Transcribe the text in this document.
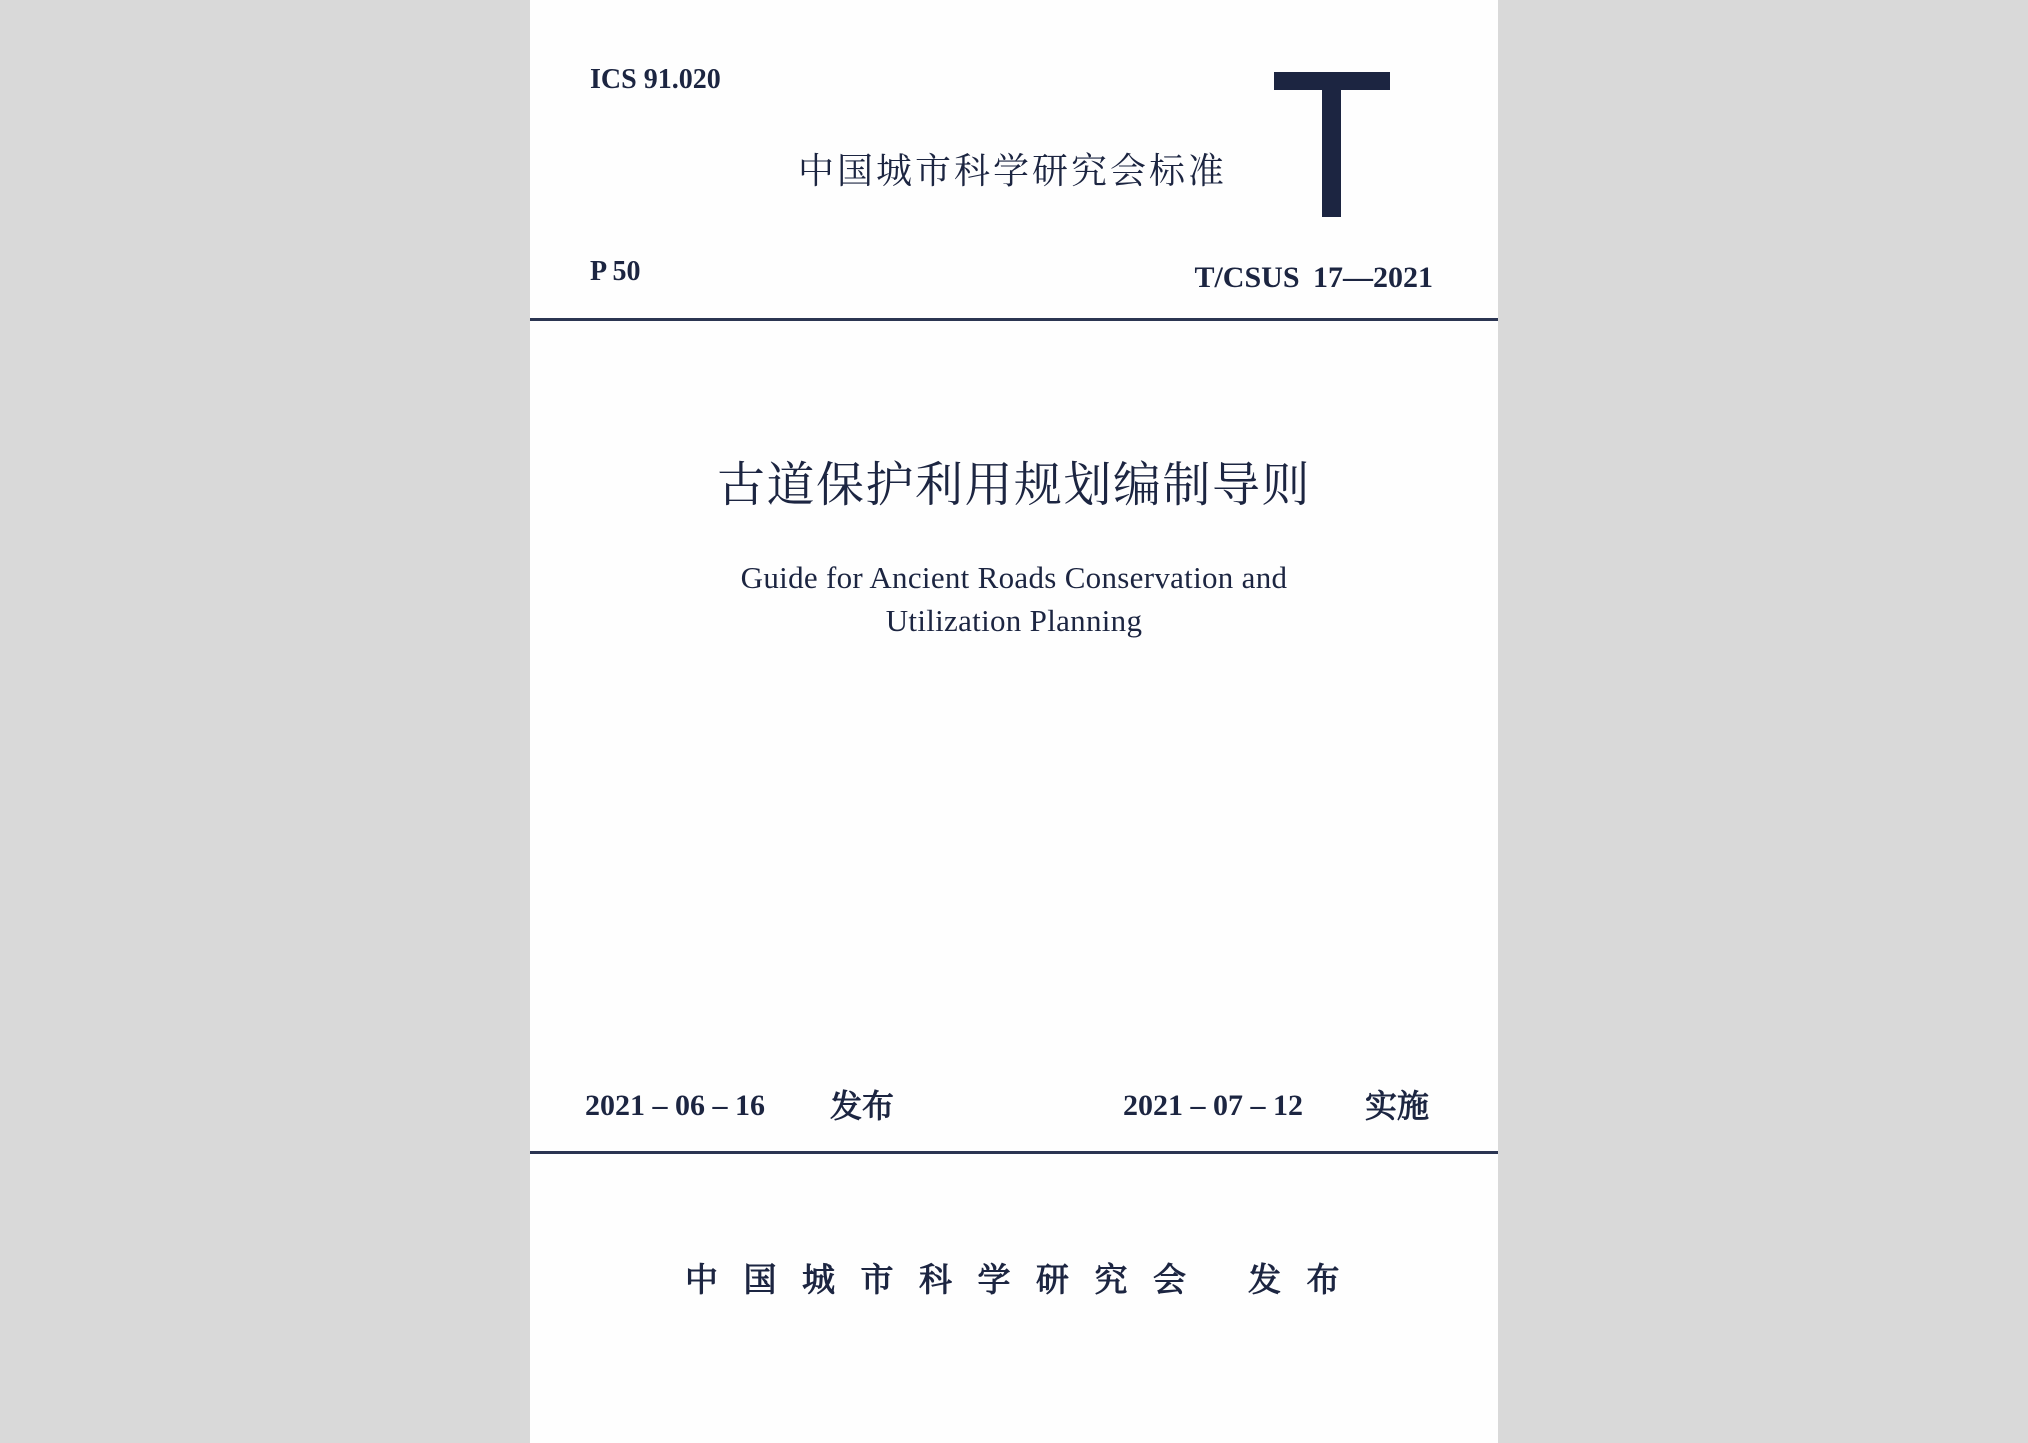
ICS 91.020
中国城市科学研究会标准
P 50	T/CSUS 17—2021
古道保护利用规划编制导则
Guide for Ancient Roads Conservation and
Utilization Planning
2021 – 06 – 16 发布	2021 – 07 – 12 实施
中国城市科学研究会 发布
